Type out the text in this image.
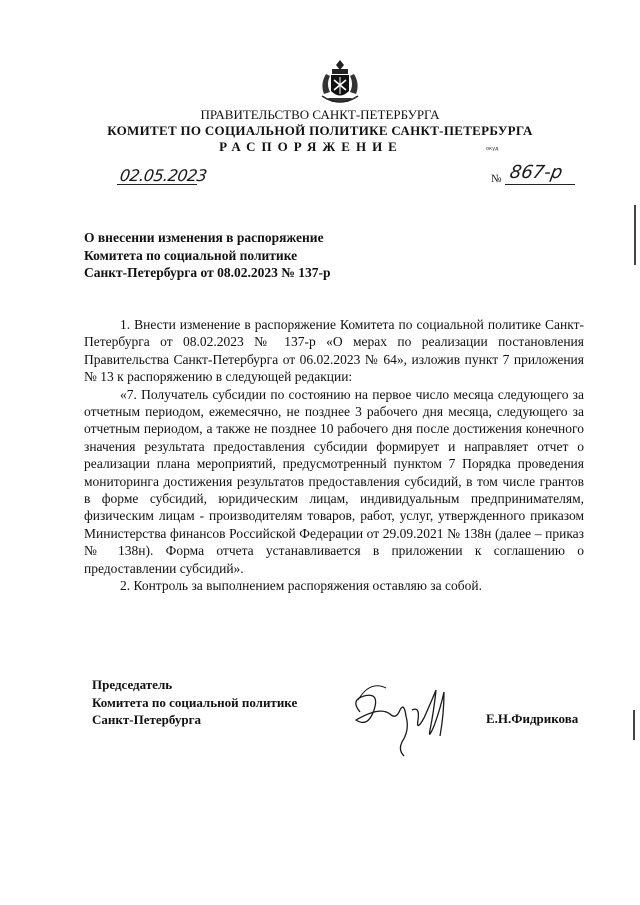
ПРАВИТЕЛЬСТВО САНКТ-ПЕТЕРБУРГА
КОМИТЕТ ПО СОЦИАЛЬНОЙ ПОЛИТИКЕ САНКТ-ПЕТЕРБУРГА
РАСПОРЯЖЕНИЕ	окуд
02.05.2023	№ 867-р
О внесении изменения в распоряжение
Комитета по социальной политике
Санкт-Петербурга от 08.02.2023 № 137-р

1. Внести изменение в распоряжение Комитета по социальной политике Санкт-Петербурга от 08.02.2023 № 137-р «О мерах по реализации постановления Правительства Санкт-Петербурга от 06.02.2023 № 64», изложив пункт 7 приложения № 13 к распоряжению в следующей редакции:

«7. Получатель субсидии по состоянию на первое число месяца следующего за отчетным периодом, ежемесячно, не позднее 3 рабочего дня месяца, следующего за отчетным периодом, а также не позднее 10 рабочего дня после достижения конечного значения результата предоставления субсидии формирует и направляет отчет о реализации плана мероприятий, предусмотренный пунктом 7 Порядка проведения мониторинга достижения результатов предоставления субсидий, в том числе грантов в форме субсидий, юридическим лицам, индивидуальным предпринимателям, физическим лицам - производителям товаров, работ, услуг, утвержденного приказом Министерства финансов Российской Федерации от 29.09.2021 № 138н (далее – приказ № 138н). Форма отчета устанавливается в приложении к соглашению о предоставлении субсидий».

2. Контроль за выполнением распоряжения оставляю за собой.

Председатель
Комитета по социальной политике
Санкт-Петербурга	Е.Н.Фидрикова
